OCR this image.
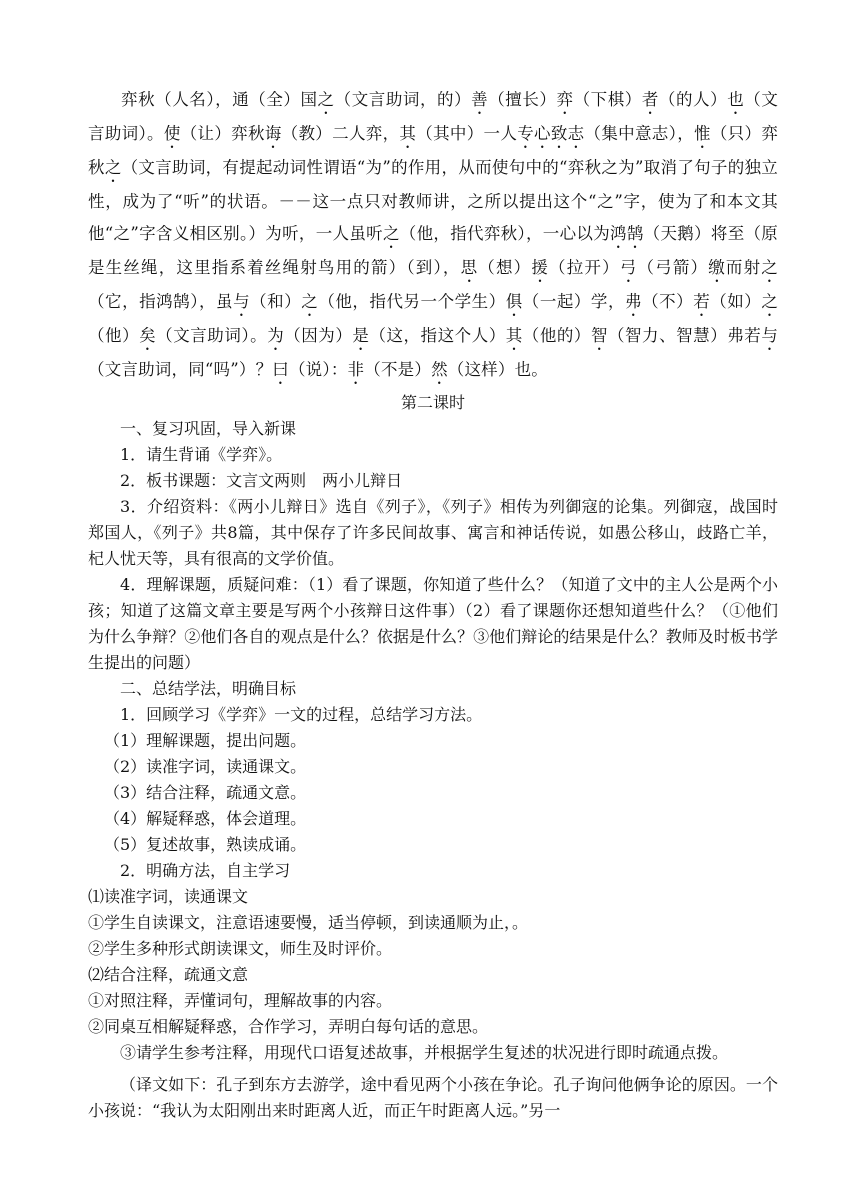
弈秋（人名），通（全）国之（文言助词，的）善（擅长）弈（下棋）者（的人）也（文言助词）。使（让）弈秋诲（教）二人弈，其（其中）一人专心致志（集中意志），惟（只）弈秋之（文言助词，有提起动词性谓语“为”的作用，从而使句中的“弈秋之为”取消了句子的独立性，成为了“听”的状语。－－这一点只对教师讲，之所以提出这个“之”字，使为了和本文其他“之”字含义相区别。）为听，一人虽听之（他，指代弈秋），一心以为鸿鹄（天鹅）将至（原是生丝绳，这里指系着丝绳射鸟用的箭）（到），思（想）援（拉开）弓（弓箭）缴而射之（它，指鸿鹄），虽与（和）之（他，指代另一个学生）俱（一起）学，弗（不）若（如）之（他）矣（文言助词）。为（因为）是（这，指这个人）其（他的）智（智力、智慧）弗若与（文言助词，同“吗”）？曰（说）：非（不是）然（这样）也。

第二课时

一、复习巩固，导入新课

1．请生背诵《学弈》。

2．板书课题：文言文两则　两小儿辩日

3．介绍资料：《两小儿辩日》选自《列子》，《列子》相传为列御寇的论集。列御寇，战国时郑国人，《列子》共8篇，其中保存了许多民间故事、寓言和神话传说，如愚公移山，歧路亡羊，杞人忧天等，具有很高的文学价值。

4．理解课题，质疑问难：（1）看了课题，你知道了些什么？（知道了文中的主人公是两个小孩；知道了这篇文章主要是写两个小孩辩日这件事）（2）看了课题你还想知道些什么？（①他们为什么争辩？②他们各自的观点是什么？依据是什么？③他们辩论的结果是什么？教师及时板书学生提出的问题）

二、总结学法，明确目标

1．回顾学习《学弈》一文的过程，总结学习方法。

（1）理解课题，提出问题。

（2）读准字词，读通课文。

（3）结合注释，疏通文意。

（4）解疑释惑，体会道理。

（5）复述故事，熟读成诵。

2．明确方法，自主学习

⑴读准字词，读通课文

①学生自读课文，注意语速要慢，适当停顿，到读通顺为止，。

②学生多种形式朗读课文，师生及时评价。

⑵结合注释，疏通文意

①对照注释，弄懂词句，理解故事的内容。

②同桌互相解疑释惑，合作学习，弄明白每句话的意思。

③请学生参考注释，用现代口语复述故事，并根据学生复述的状况进行即时疏通点拨。

（译文如下：孔子到东方去游学，途中看见两个小孩在争论。孔子询问他俩争论的原因。一个小孩说：“我认为太阳刚出来时距离人近，而正午时距离人远。”另一
